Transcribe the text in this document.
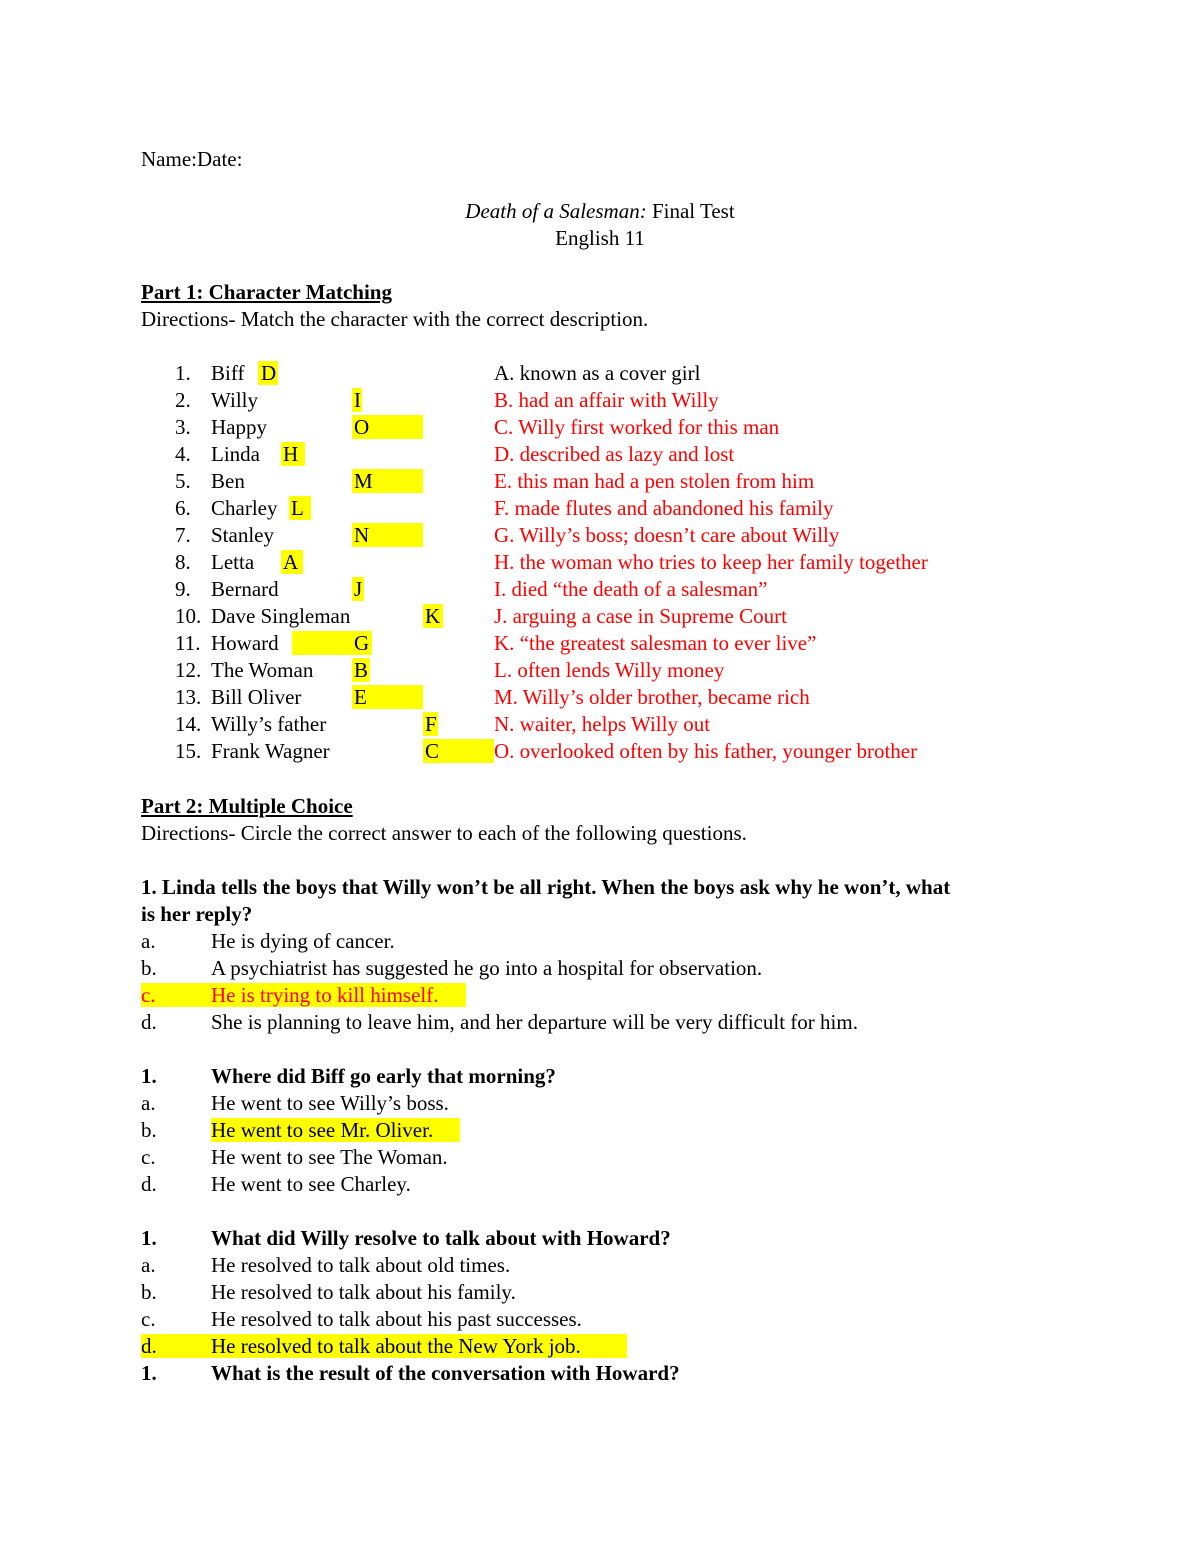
Name:Date:
Death of a Salesman: Final Test
English 11
Part 1: Character Matching
Directions- Match the character with the correct description.
1. Biff D
2. Willy	I
3. Happy	O
4. Linda H
5. Ben	M
6. Charley L
7. Stanley	N
8. Letta A
9. Bernard	J
10. Dave Singleman	K
11. Howard	G
12. The Woman B
13. Bill Oliver	E
14. Willy’s father	F
15. Frank Wagner	C
A. known as a cover girl
B. had an affair with Willy
C. Willy first worked for this man
D. described as lazy and lost
E. this man had a pen stolen from him
F. made flutes and abandoned his family
G. Willy’s boss; doesn’t care about Willy
H. the woman who tries to keep her family together
I. died “the death of a salesman”
J. arguing a case in Supreme Court
K. “the greatest salesman to ever live”
L. often lends Willy money
M. Willy’s older brother, became rich
N. waiter, helps Willy out
O. overlooked often by his father, younger brother
Part 2: Multiple Choice
Directions- Circle the correct answer to each of the following questions.
1. Linda tells the boys that Willy won’t be all right. When the boys ask why he won’t, what
is her reply?
a.	He is dying of cancer.
b.	A psychiatrist has suggested he go into a hospital for observation.
c.	He is trying to kill himself.
d.	She is planning to leave him, and her departure will be very difficult for him.
1.	Where did Biff go early that morning?
a.	He went to see Willy’s boss.
b.	He went to see Mr. Oliver.
c.	He went to see The Woman.
d.	He went to see Charley.
1.	What did Willy resolve to talk about with Howard?
a.	He resolved to talk about old times.
b.	He resolved to talk about his family.
c.	He resolved to talk about his past successes.
d.	He resolved to talk about the New York job.
1.	What is the result of the conversation with Howard?
